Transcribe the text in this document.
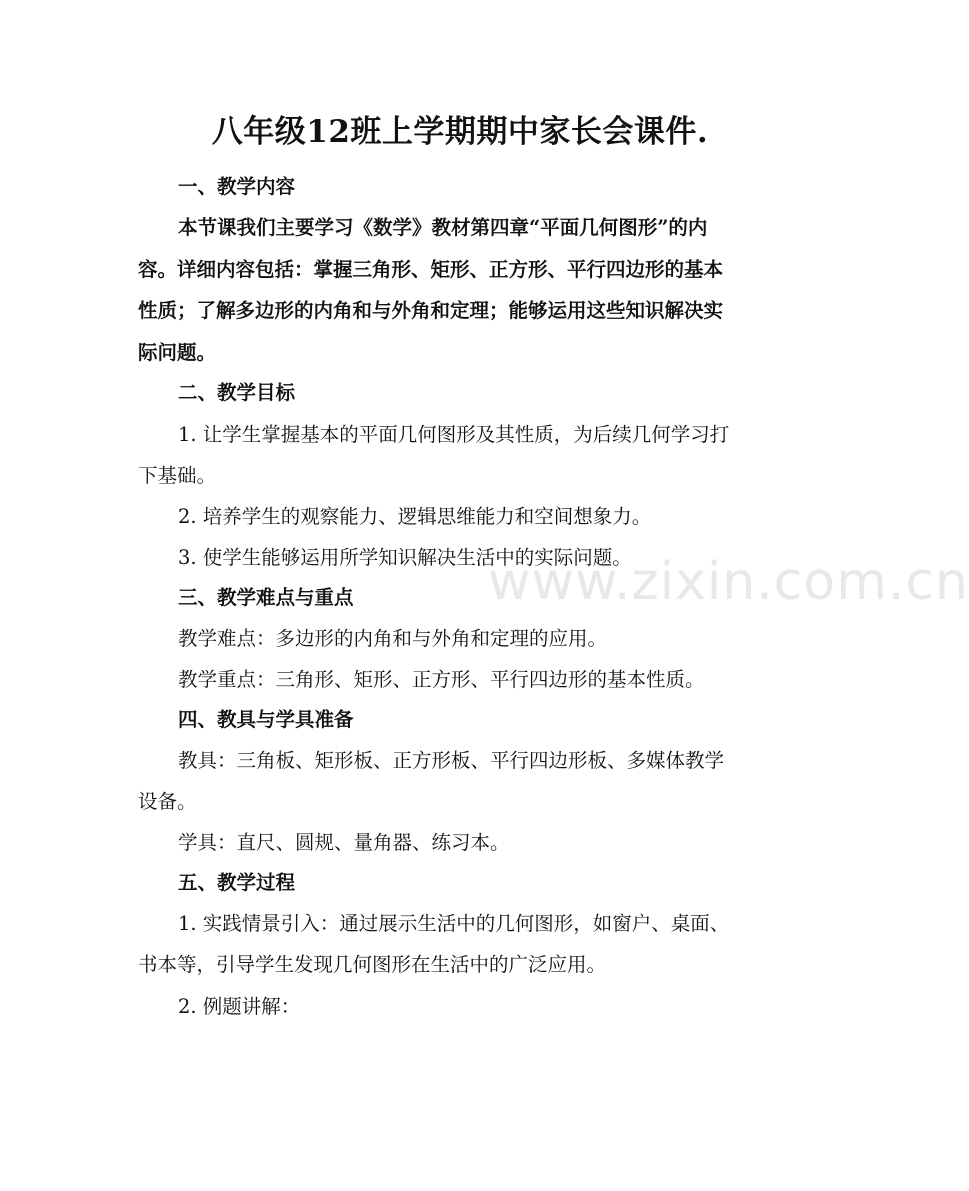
www.zixin.com.cn
八年级12班上学期期中家长会课件.
一、教学内容
本节课我们主要学习《数学》教材第四章“平面几何图形”的内
容。详细内容包括：掌握三角形、矩形、正方形、平行四边形的基本
性质；了解多边形的内角和与外角和定理；能够运用这些知识解决实
际问题。
二、教学目标
1. 让学生掌握基本的平面几何图形及其性质，为后续几何学习打
下基础。
2. 培养学生的观察能力、逻辑思维能力和空间想象力。
3. 使学生能够运用所学知识解决生活中的实际问题。
三、教学难点与重点
教学难点：多边形的内角和与外角和定理的应用。
教学重点：三角形、矩形、正方形、平行四边形的基本性质。
四、教具与学具准备
教具：三角板、矩形板、正方形板、平行四边形板、多媒体教学
设备。
学具：直尺、圆规、量角器、练习本。
五、教学过程
1. 实践情景引入：通过展示生活中的几何图形，如窗户、桌面、
书本等，引导学生发现几何图形在生活中的广泛应用。
2. 例题讲解：
